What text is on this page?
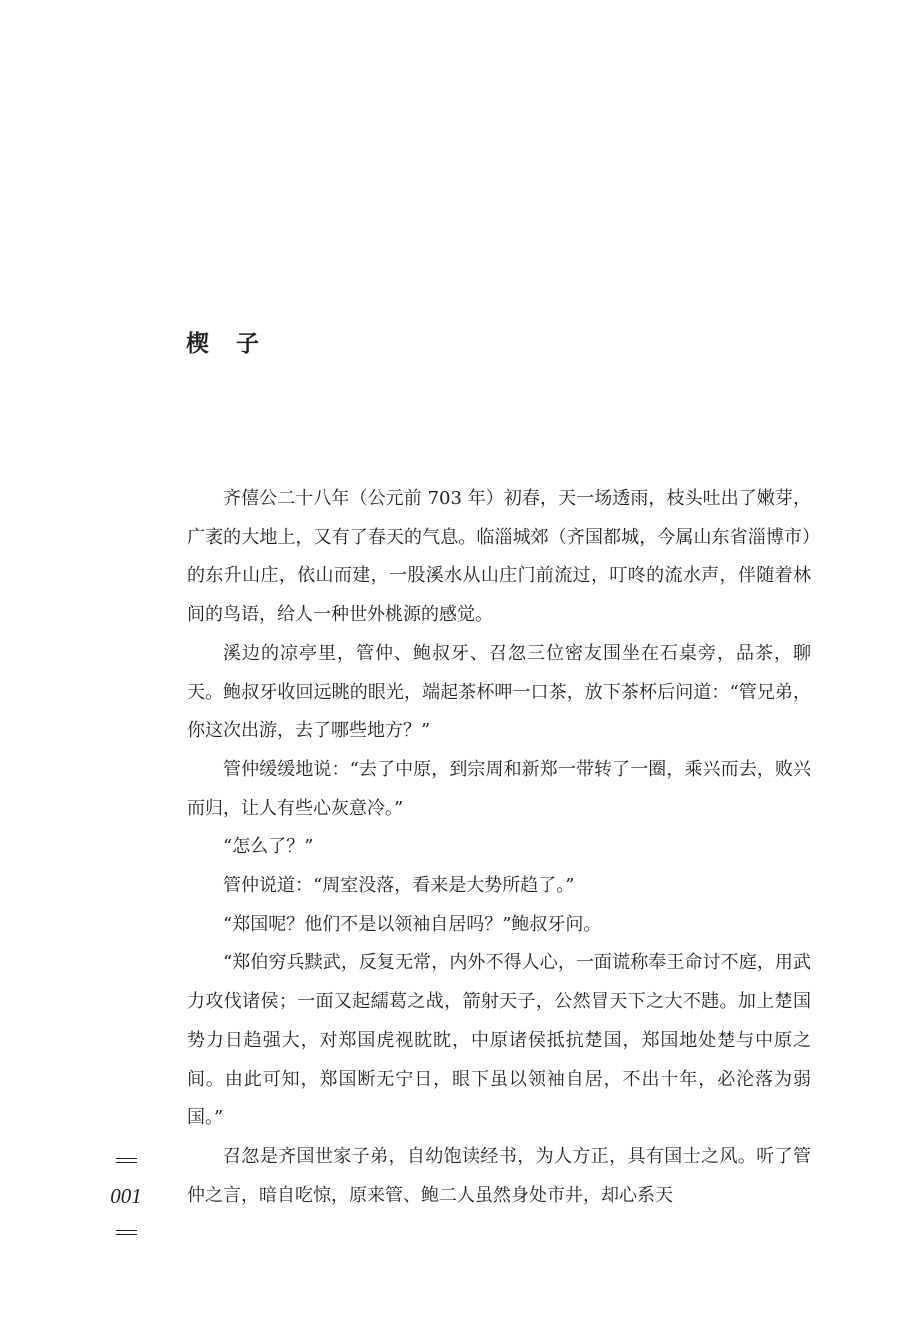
楔子

齐僖公二十八年（公元前 703 年）初春，天一场透雨，枝头吐出了嫩芽，广袤的大地上，又有了春天的气息。临淄城郊（齐国都城，今属山东省淄博市）的东升山庄，依山而建，一股溪水从山庄门前流过，叮咚的流水声，伴随着林间的鸟语，给人一种世外桃源的感觉。

溪边的凉亭里，管仲、鲍叔牙、召忽三位密友围坐在石桌旁，品茶，聊天。鲍叔牙收回远眺的眼光，端起茶杯呷一口茶，放下茶杯后问道：“管兄弟，你这次出游，去了哪些地方？”

管仲缓缓地说：“去了中原，到宗周和新郑一带转了一圈，乘兴而去，败兴而归，让人有些心灰意冷。”

“怎么了？”

管仲说道：“周室没落，看来是大势所趋了。”

“郑国呢？他们不是以领袖自居吗？”鲍叔牙问。

“郑伯穷兵黩武，反复无常，内外不得人心，一面谎称奉王命讨不庭，用武力攻伐诸侯；一面又起繻葛之战，箭射天子，公然冒天下之大不韪。加上楚国势力日趋强大，对郑国虎视眈眈，中原诸侯抵抗楚国，郑国地处楚与中原之间。由此可知，郑国断无宁日，眼下虽以领袖自居，不出十年，必沦落为弱国。”

召忽是齐国世家子弟，自幼饱读经书，为人方正，具有国士之风。听了管仲之言，暗自吃惊，原来管、鲍二人虽然身处市井，却心系天

001
